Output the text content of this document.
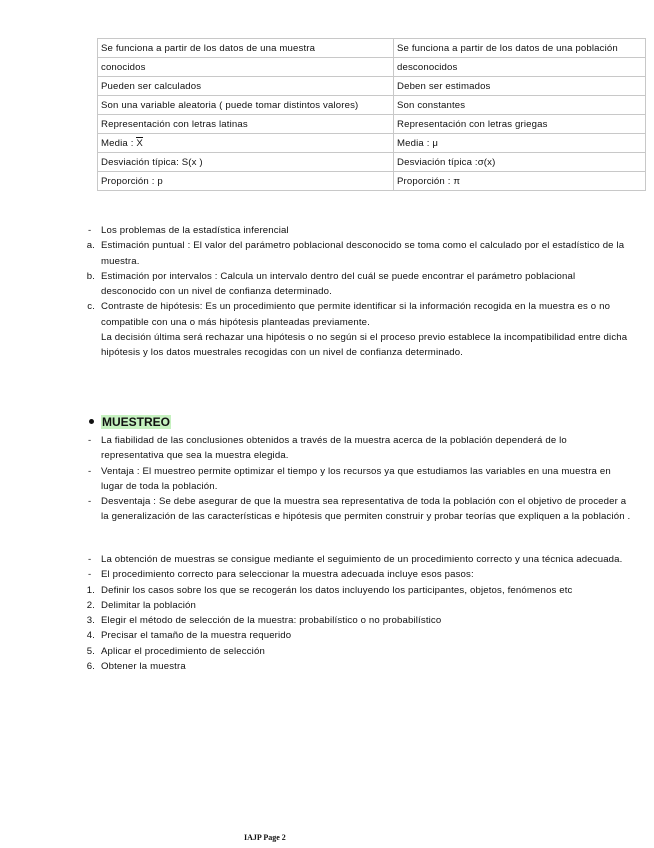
Se funciona a partir de los datos de una muestra	Se funciona a partir de los datos de una población
conocidos	desconocidos
Pueden ser calculados	Deben ser estimados
Son una variable aleatoria ( puede tomar distintos valores)	Son constantes
Representación con letras latinas	Representación con letras griegas
Media : X	Media : μ
Desviación típica: S(x )	Desviación típica :σ(x)
Proporción : p	Proporción : π
-	Los problemas de la estadística inferencial
a. Estimación puntual : El valor del parámetro poblacional desconocido se toma como el calculado por el estadístico de la muestra.
b. Estimación por intervalos : Calcula un intervalo dentro del cuál se puede encontrar el parámetro poblacional desconocido con un nivel de confianza determinado.
c. Contraste de hipótesis: Es un procedimiento que permite identificar si la información recogida en la muestra es o no compatible con una o más hipótesis planteadas previamente.
La decisión última será rechazar una hipótesis o no según si el proceso previo establece la incompatibilidad entre dicha hipótesis y los datos muestrales recogidas con un nivel de confianza determinado.
MUESTREO
-	La fiabilidad de las conclusiones obtenidos a través de la muestra acerca de la población dependerá de lo representativa que sea la muestra elegida.
-	Ventaja : El muestreo permite optimizar el tiempo y los recursos ya que estudiamos las variables en una muestra en lugar de toda la población.
-	Desventaja : Se debe asegurar de que la muestra sea representativa de toda la población con el objetivo de proceder a la generalización de las características e hipótesis que permiten construir y probar teorías que expliquen a la población .
-	La obtención de muestras se consigue mediante el seguimiento de un procedimiento correcto y una técnica adecuada.
-	El procedimiento correcto para seleccionar la muestra adecuada incluye esos pasos:
1. Definir los casos sobre los que se recogerán los datos incluyendo los participantes, objetos, fenómenos etc
2. Delimitar la población
3. Elegir el método de selección de la muestra: probabilístico o no probabilístico
4. Precisar el tamaño de la muestra requerido
5. Aplicar el procedimiento de selección
6. Obtener la muestra
IAJP Page 2
